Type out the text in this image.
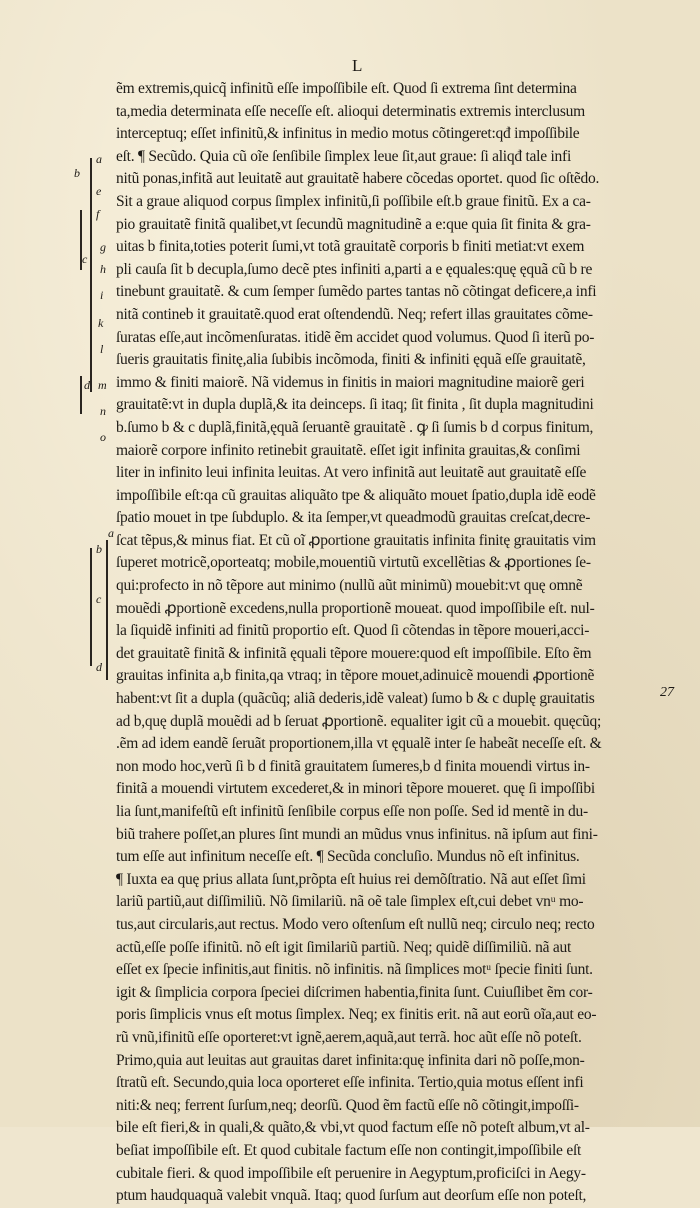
L
a
b
e
f
c
g
h
i
k
l
d m
n
o
b
a
c
d
27
ẽm extremis,quicq̃ infinitũ eſſe impoſſibile eſt. Quod ſi extrema ſint determina
ta,media determinata eſſe neceſſe eſt. alioqui determinatis extremis interclusum
interceptuq; eſſet infinitũ,& infinitus in medio motus cõtingeret:qđ impoſſibile
eſt. ¶ Secũdo. Quia cũ oĩe ſenſibile ſimplex leue ſit,aut graue: ſi aliqđ tale infi
nitũ ponas,infitã aut leuitatẽ aut grauitatẽ habere cõcedas oportet. quod ſic oſtẽdo.
Sit a graue aliquod corpus ſimplex infinitũ,ſi poſſibile eſt.b graue finitũ. Ex a ca-
pio grauitatẽ finitã qualibet,vt ſecundũ magnitudinẽ a e:que quia ſit finita & gra-
uitas b finita,toties poterit ſumi,vt totã grauitatẽ corporis b finiti metiat:vt exem
pli cauſa ſit b decupla,ſumo decẽ ptes infiniti a,parti a e ęquales:quę ęquã cũ b re
tinebunt grauitatẽ. & cum ſemper ſumẽdo partes tantas nõ cõtingat deficere,a infi
nitã contineb it grauitatẽ.quod erat oſtendendũ. Neq; refert illas grauitates cõme-
ſuratas eſſe,aut incõmenſuratas. itidẽ ẽm accidet quod volumus. Quod ſi iterũ po-
ſueris grauitatis finitę,alia ſubibis incõmoda, finiti & infiniti ęquã eſſe grauitatẽ,
immo & finiti maiorẽ. Nã videmus in finitis in maiori magnitudine maiorẽ geri
grauitatẽ:vt in dupla duplã,& ita deinceps. ſi itaq; ſit finita , ſit dupla magnitudini
b.ſumo b & c duplã,finitã,ęquã ſeruantẽ grauitatẽ . ꝙ ſi ſumis b d corpus finitum,
maiorẽ corpore infinito retinebit grauitatẽ. eſſet igit infinita grauitas,& conſimi
liter in infinito leui infinita leuitas. At vero infinitã aut leuitatẽ aut grauitatẽ eſſe
impoſſibile eſt:qa cũ grauitas aliquãto tpe & aliquãto mouet ſpatio,dupla idẽ eodẽ
ſpatio mouet in tpe ſubduplo. & ita ſemper,vt queadmodũ grauitas creſcat,decre-
ſcat tẽpus,& minus fiat. Et cũ oĩ ꝓportione grauitatis infinita finitę grauitatis vim
ſuperet motricẽ,oporteatq; mobile,mouentiũ virtutũ excellẽtias & ꝓportiones ſe-
qui:profecto in nõ tẽpore aut minimo (nullũ aũt minimũ) mouebit:vt quę omnẽ
mouẽdi ꝓportionẽ excedens,nulla proportionẽ moueat. quod impoſſibile eſt. nul-
la ſiquidẽ infiniti ad finitũ proportio eſt. Quod ſi cõtendas in tẽpore moueri,acci-
det grauitatẽ finitã & infinitã ęquali tẽpore mouere:quod eſt impoſſibile. Eſto ẽm
grauitas infinita a,b finita,qa vtraq; in tẽpore mouet,adinuicẽ mouendi ꝓportionẽ
habent:vt ſit a dupla (quãcũq; aliã dederis,idẽ valeat) ſumo b & c duplę grauitatis
ad b,quę duplã mouẽdi ad b ſeruat ꝓportionẽ. equaliter igit cũ a mouebit. quęcũq;
.ẽm ad idem eandẽ ſeruãt proportionem,illa vt ęqualẽ inter ſe habeãt neceſſe eſt. &
non modo hoc,verũ ſi b d finitã grauitatem ſumeres,b d finita mouendi virtus in-
finitã a mouendi virtutem excederet,& in minori tẽpore moueret. quę ſi impoſſibi
lia ſunt,manifeſtũ eſt infinitũ ſenſibile corpus eſſe non poſſe. Sed id mentẽ in du-
biũ trahere poſſet,an plures ſint mundi an mũdus vnus infinitus. nã ipſum aut fini-
tum eſſe aut infinitum neceſſe eſt. ¶ Secũda concluſio. Mundus nõ eſt infinitus.
¶ Iuxta ea quę prius allata ſunt,prõpta eſt huius rei demõſtratio. Nã aut eſſet ſimi
lariũ partiũ,aut diſſimiliũ. Nõ ſimilariũ. nã oẽ tale ſimplex eſt,cui debet vnᵘ mo-
tus,aut circularis,aut rectus. Modo vero oſtenſum eſt nullũ neq; circulo neq; recto
actũ,eſſe poſſe ifinitũ. nõ eſt igit ſimilariũ partiũ. Neq; quidẽ diſſimiliũ. nã aut
eſſet ex ſpecie infinitis,aut finitis. nõ infinitis. nã ſimplices motᵘ ſpecie finiti ſunt.
igit & ſimplicia corpora ſpeciei diſcrimen habentia,finita ſunt. Cuiuſlibet ẽm cor-
poris ſimplicis vnus eſt motus ſimplex. Neq; ex finitis erit. nã aut eorũ oĩa,aut eo-
rũ vnũ,ifinitũ eſſe oporteret:vt ignẽ,aerem,aquã,aut terrã. hoc aũt eſſe nõ poteſt.
Primo,quia aut leuitas aut grauitas daret infinita:quę infinita dari nõ poſſe,mon-
ſtratũ eſt. Secundo,quia loca oporteret eſſe infinita. Tertio,quia motus eſſent infi
niti:& neq; ferrent ſurſum,neq; deorſũ. Quod ẽm factũ eſſe nõ cõtingit,impoſſi-
bile eſt fieri,& in quali,& quãto,& vbi,vt quod factum eſſe nõ poteſt album,vt al-
beſiat impoſſibile eſt. Et quod cubitale factum eſſe non contingit,impoſſibile eſt
cubitale fieri. & quod impoſſibile eſt peruenire in Aegyptum,proficiſci in Aegy-
ptum haudquaquã valebit vnquã. Itaq; quod ſurſum aut deorſum eſſe non poteſt,
